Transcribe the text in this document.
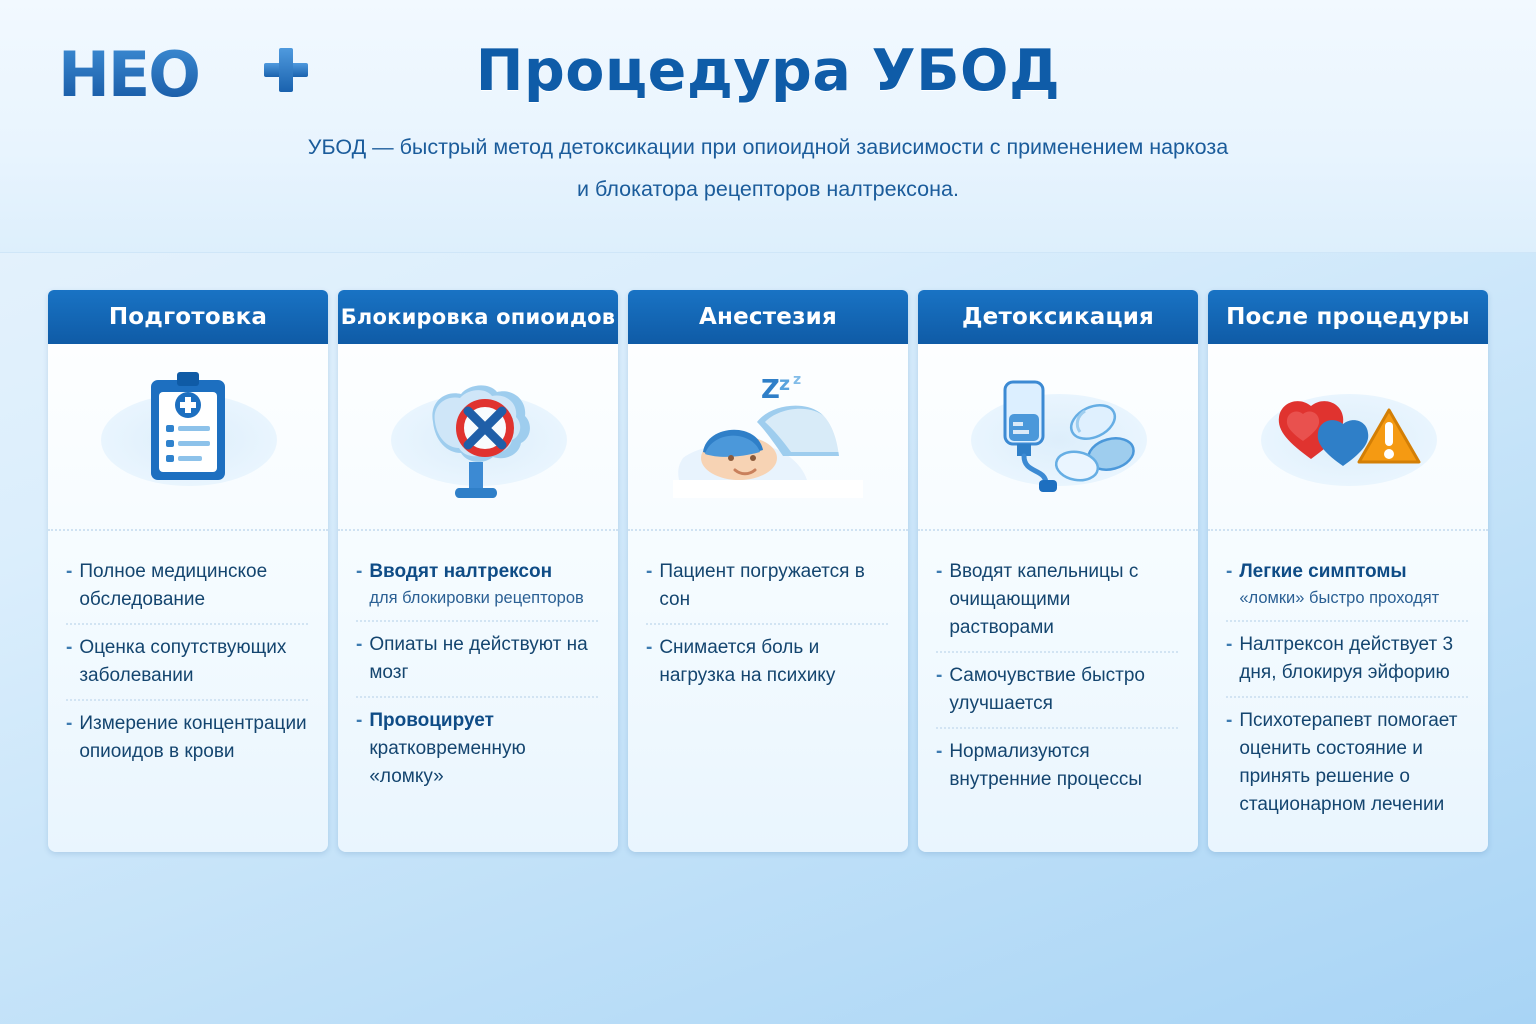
HEO	Процедура УБОД
УБОД — быстрый метод детоксикации при опиоидной зависимости с применением наркоза
и блокатора рецепторов налтрексона.
Подготовка
- Полное медицинское обследование
- Оценка сопутствующих заболевании
- Измерение концентрации опиоидов в крови
Блокировка опиоидов
- Вводят налтрексон
для блокировки рецепторов
- Опиаты не действуют на мозг
- Провоцирует кратковременную «ломку»
Анестезия
Z z z
- Пациент погружается в сон
- Снимается боль и нагрузка на психику
Детоксикация
- Вводят капельницы с очищающими растворами
- Самочувствие быстро улучшается
- Нормализуются внутренние процессы
После процедуры
- Легкие симптомы
«ломки» быстро проходят
- Налтрексон действует 3 дня, блокируя эйфорию
- Психотерапевт помогает оценить состояние и принять решение о стационарном лечении
